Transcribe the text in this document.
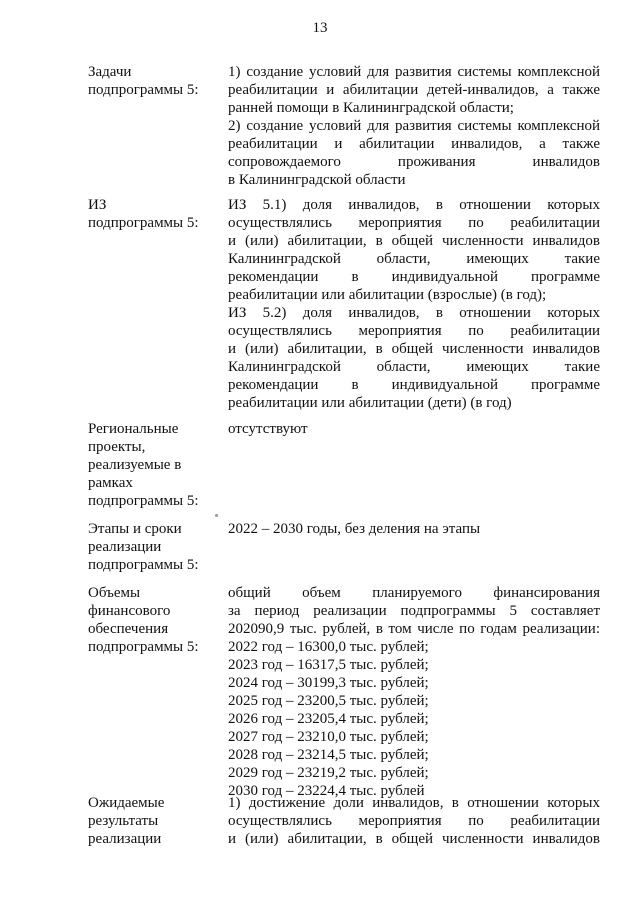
13
Задачи
подпрограммы 5:
1) создание условий для развития системы комплексной
реабилитации и абилитации детей-инвалидов, а также
ранней помощи в Калининградской области;
2) создание условий для развития системы комплексной
реабилитации и абилитации инвалидов, а также
сопровождаемого проживания инвалидов
в Калининградской области
ИЗ
подпрограммы 5:
ИЗ 5.1) доля инвалидов, в отношении которых
осуществлялись мероприятия по реабилитации
и (или) абилитации, в общей численности инвалидов
Калининградской области, имеющих такие
рекомендации в индивидуальной программе
реабилитации или абилитации (взрослые) (в год);
ИЗ 5.2) доля инвалидов, в отношении которых
осуществлялись мероприятия по реабилитации
и (или) абилитации, в общей численности инвалидов
Калининградской области, имеющих такие
рекомендации в индивидуальной программе
реабилитации или абилитации (дети) (в год)
Региональные
проекты,
реализуемые в
рамках
подпрограммы 5:
отсутствуют
Этапы и сроки
реализации
подпрограммы 5:
2022 – 2030 годы, без деления на этапы
Объемы
финансового
обеспечения
подпрограммы 5:
общий объем планируемого финансирования
за период реализации подпрограммы 5 составляет
202090,9 тыс. рублей, в том числе по годам реализации:
2022 год – 16300,0 тыс. рублей;
2023 год – 16317,5 тыс. рублей;
2024 год – 30199,3 тыс. рублей;
2025 год – 23200,5 тыс. рублей;
2026 год – 23205,4 тыс. рублей;
2027 год – 23210,0 тыс. рублей;
2028 год – 23214,5 тыс. рублей;
2029 год – 23219,2 тыс. рублей;
2030 год – 23224,4 тыс. рублей
Ожидаемые
результаты
реализации
1) достижение доли инвалидов, в отношении которых
осуществлялись мероприятия по реабилитации
и (или) абилитации, в общей численности инвалидов
